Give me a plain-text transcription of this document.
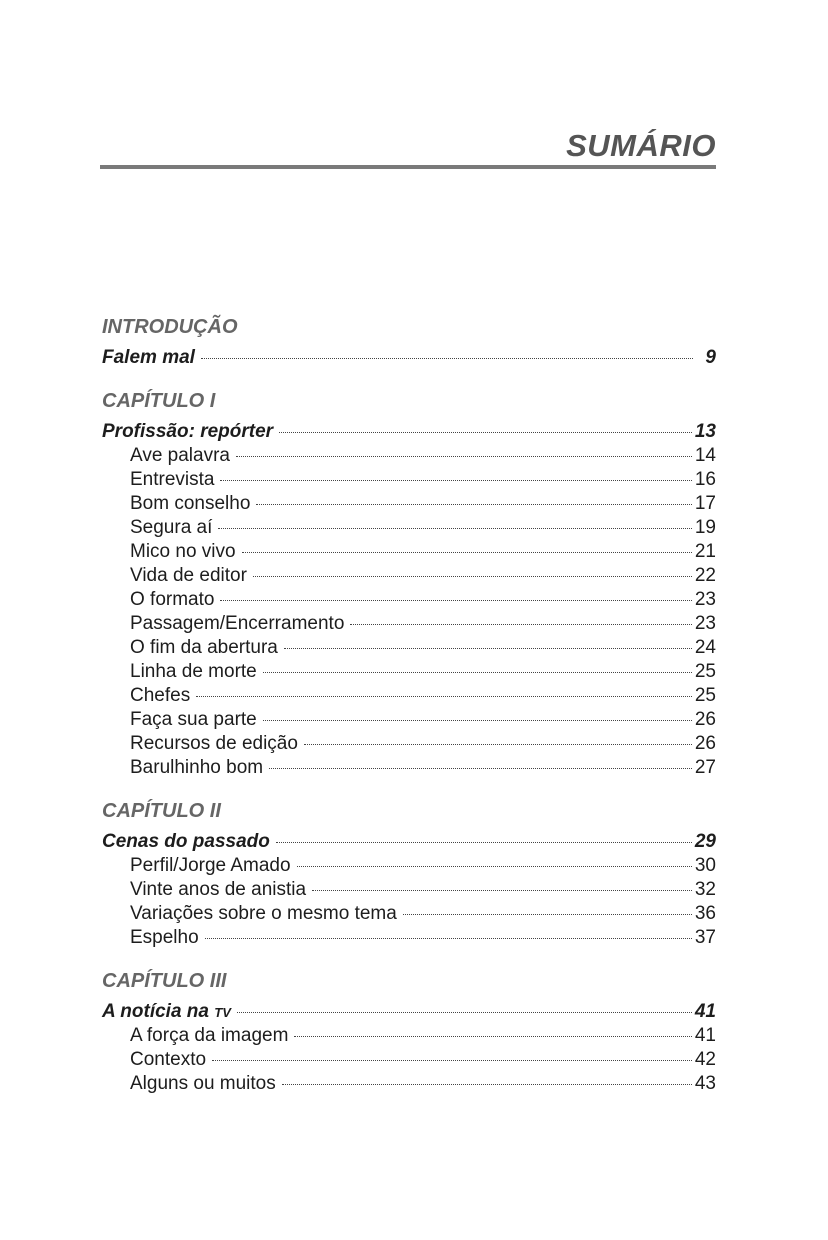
SUMÁRIO
INTRODUÇÃO
Falem mal	9
CAPÍTULO I
Profissão: repórter	13
Ave palavra	14
Entrevista	16
Bom conselho	17
Segura aí	19
Mico no vivo	21
Vida de editor	22
O formato	23
Passagem/Encerramento	23
O fim da abertura	24
Linha de morte	25
Chefes	25
Faça sua parte	26
Recursos de edição	26
Barulhinho bom	27
CAPÍTULO II
Cenas do passado	29
Perfil/Jorge Amado	30
Vinte anos de anistia	32
Variações sobre o mesmo tema	36
Espelho	37
CAPÍTULO III
A notícia na TV	41
A força da imagem	41
Contexto	42
Alguns ou muitos	43
